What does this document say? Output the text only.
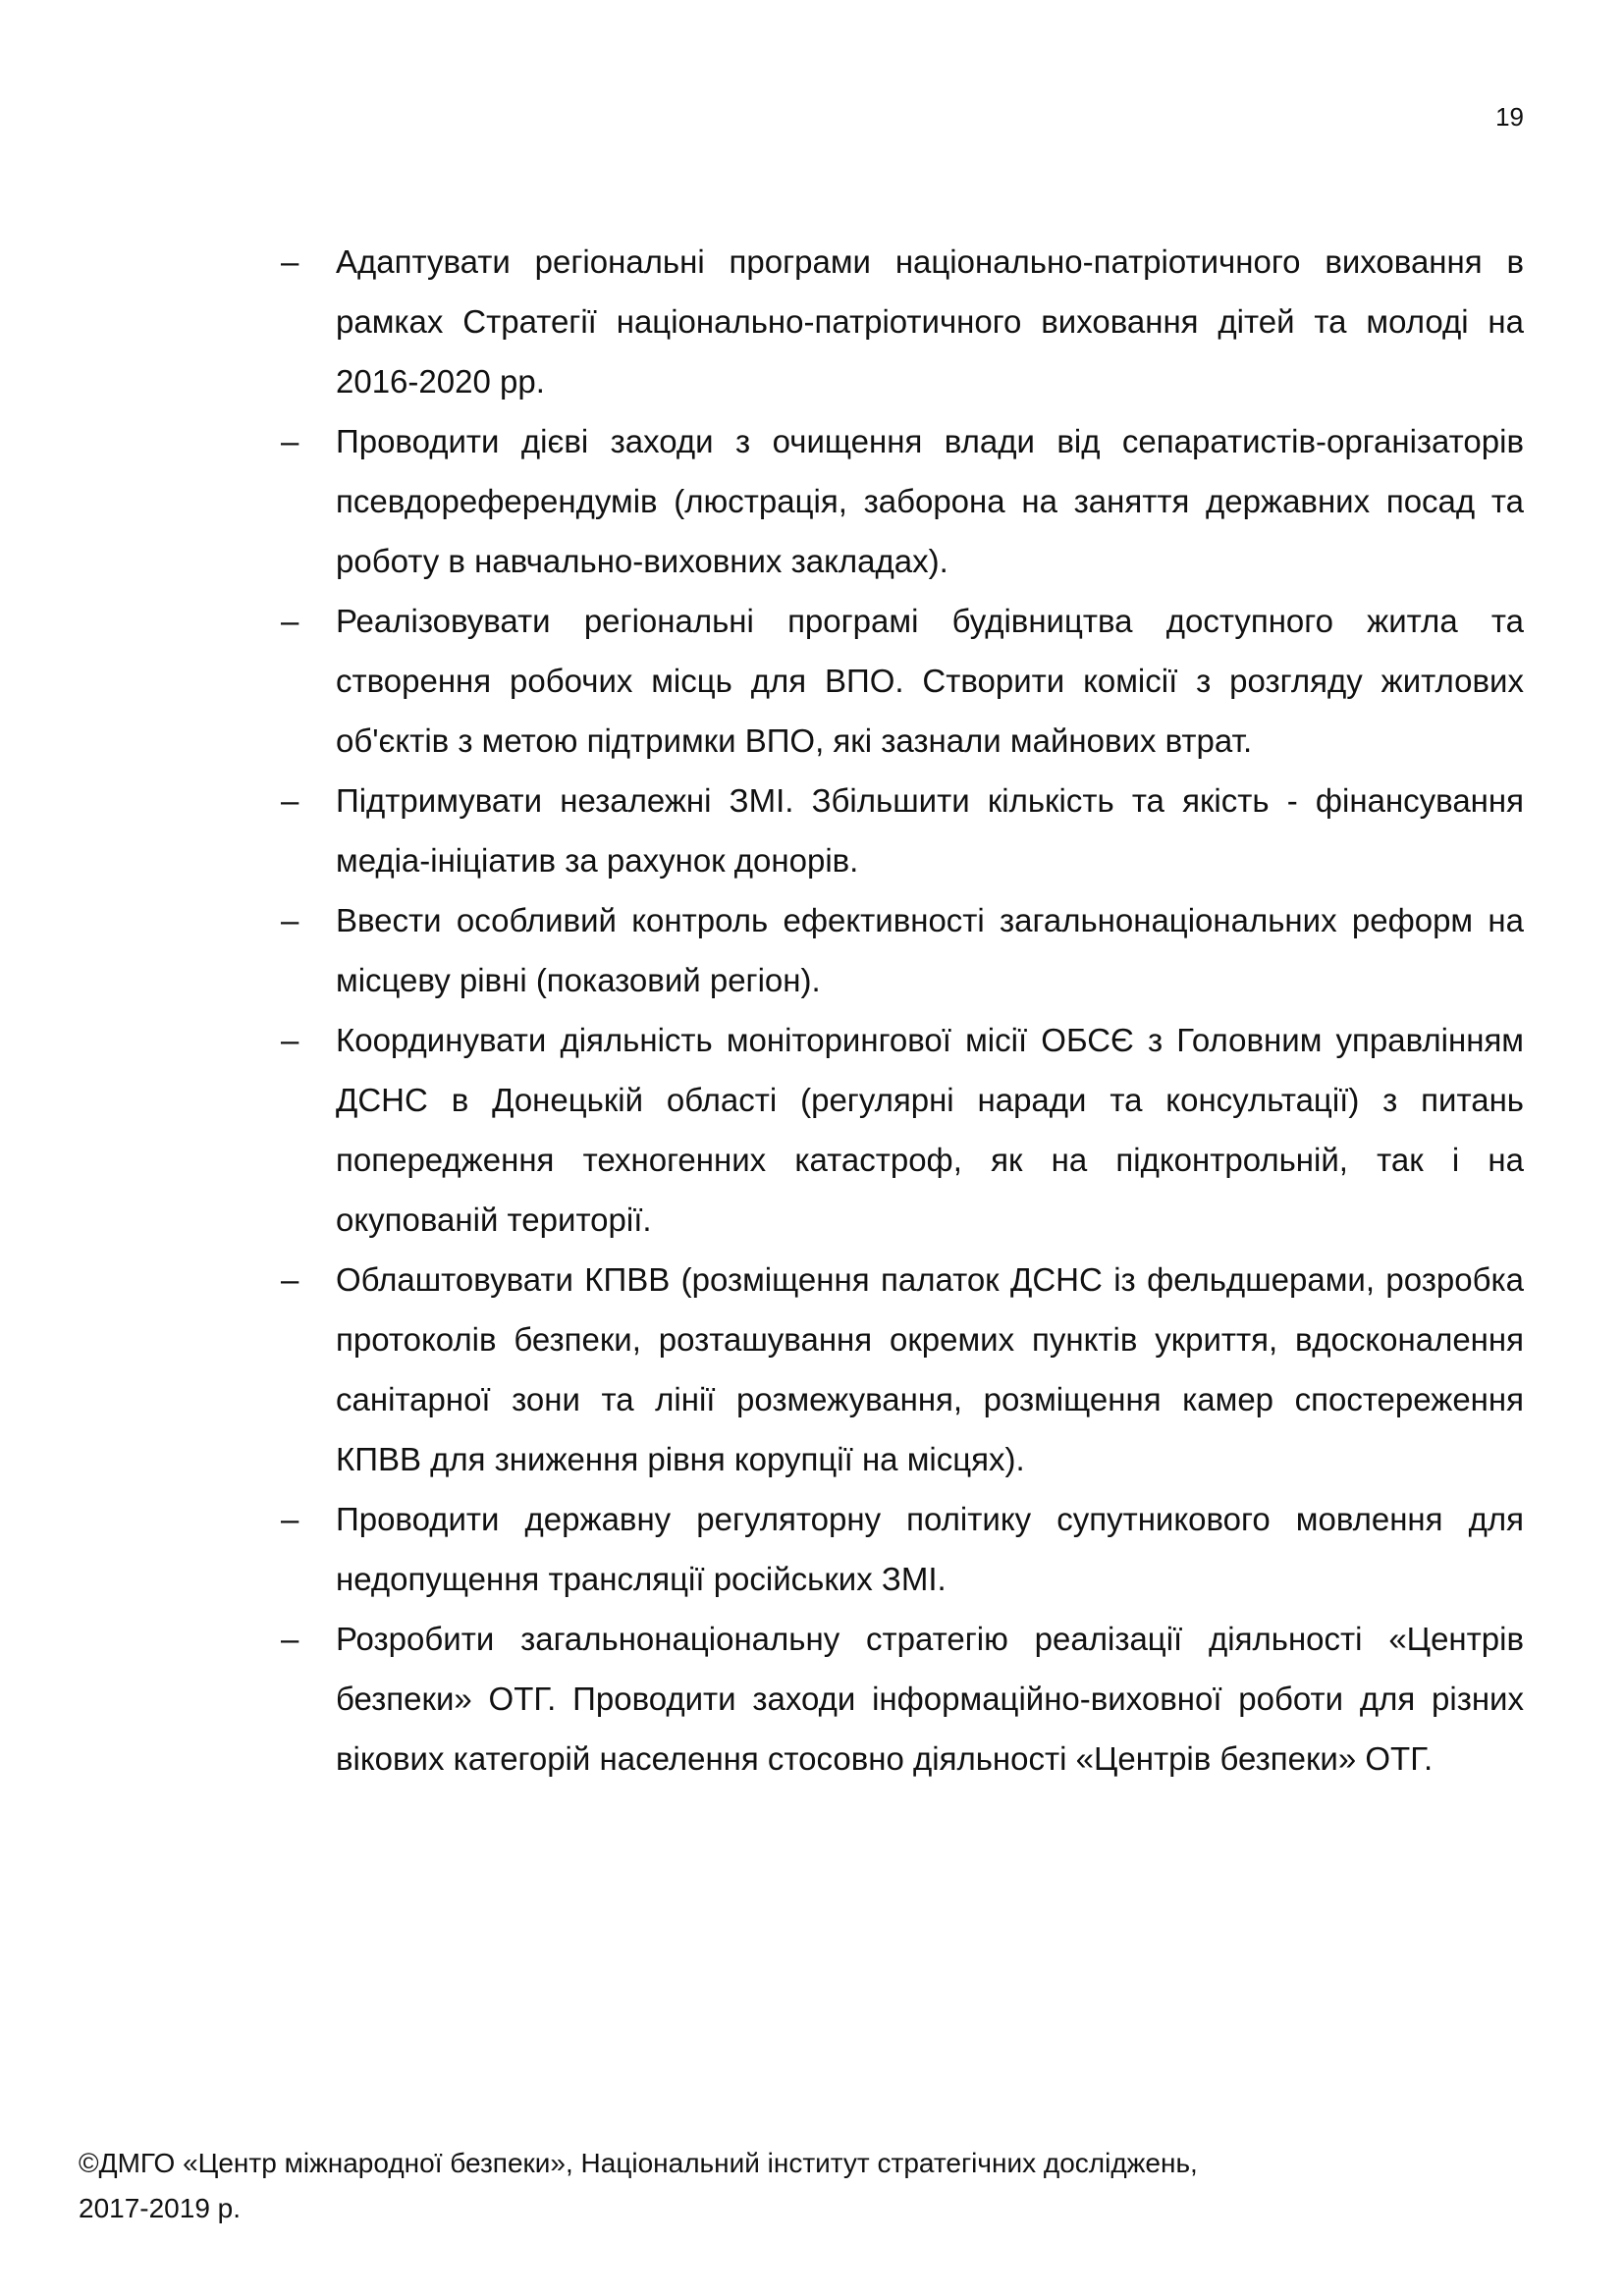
19
–	Адаптувати регіональні програми національно-патріотичного виховання в рамках Стратегії національно-патріотичного виховання дітей та молоді на 2016-2020 рр.
–	Проводити дієві заходи з очищення влади від сепаратистів-організаторів псевдореферендумів (люстрація, заборона на заняття державних посад та роботу в навчально-виховних закладах).
–	Реалізовувати регіональні програмі будівництва доступного житла та створення робочих місць для ВПО. Створити комісії з розгляду житлових об'єктів з метою підтримки ВПО, які зазнали майнових втрат.
–	Підтримувати незалежні ЗМІ. Збільшити кількість та якість - фінансування медіа-ініціатив за рахунок донорів.
–	Ввести особливий контроль ефективності загальнонаціональних реформ на місцеву рівні (показовий регіон).
–	Координувати діяльність моніторингової місії ОБСЄ з Головним управлінням ДСНС в Донецькій області (регулярні наради та консультації) з питань попередження техногенних катастроф, як на підконтрольній, так і на окупованій території.
–	Облаштовувати КПВВ (розміщення палаток ДСНС із фельдшерами, розробка протоколів безпеки, розташування окремих пунктів укриття, вдосконалення санітарної зони та лінії розмежування, розміщення камер спостереження КПВВ для зниження рівня корупції на місцях).
–	Проводити державну регуляторну політику супутникового мовлення для недопущення трансляції російських ЗМІ.
–	Розробити загальнонаціональну стратегію реалізації діяльності «Центрів безпеки» ОТГ. Проводити заходи інформаційно-виховної роботи для різних вікових категорій населення стосовно діяльності «Центрів безпеки» ОТГ.
©ДМГО «Центр міжнародної безпеки», Національний інститут стратегічних досліджень,
2017-2019 р.
